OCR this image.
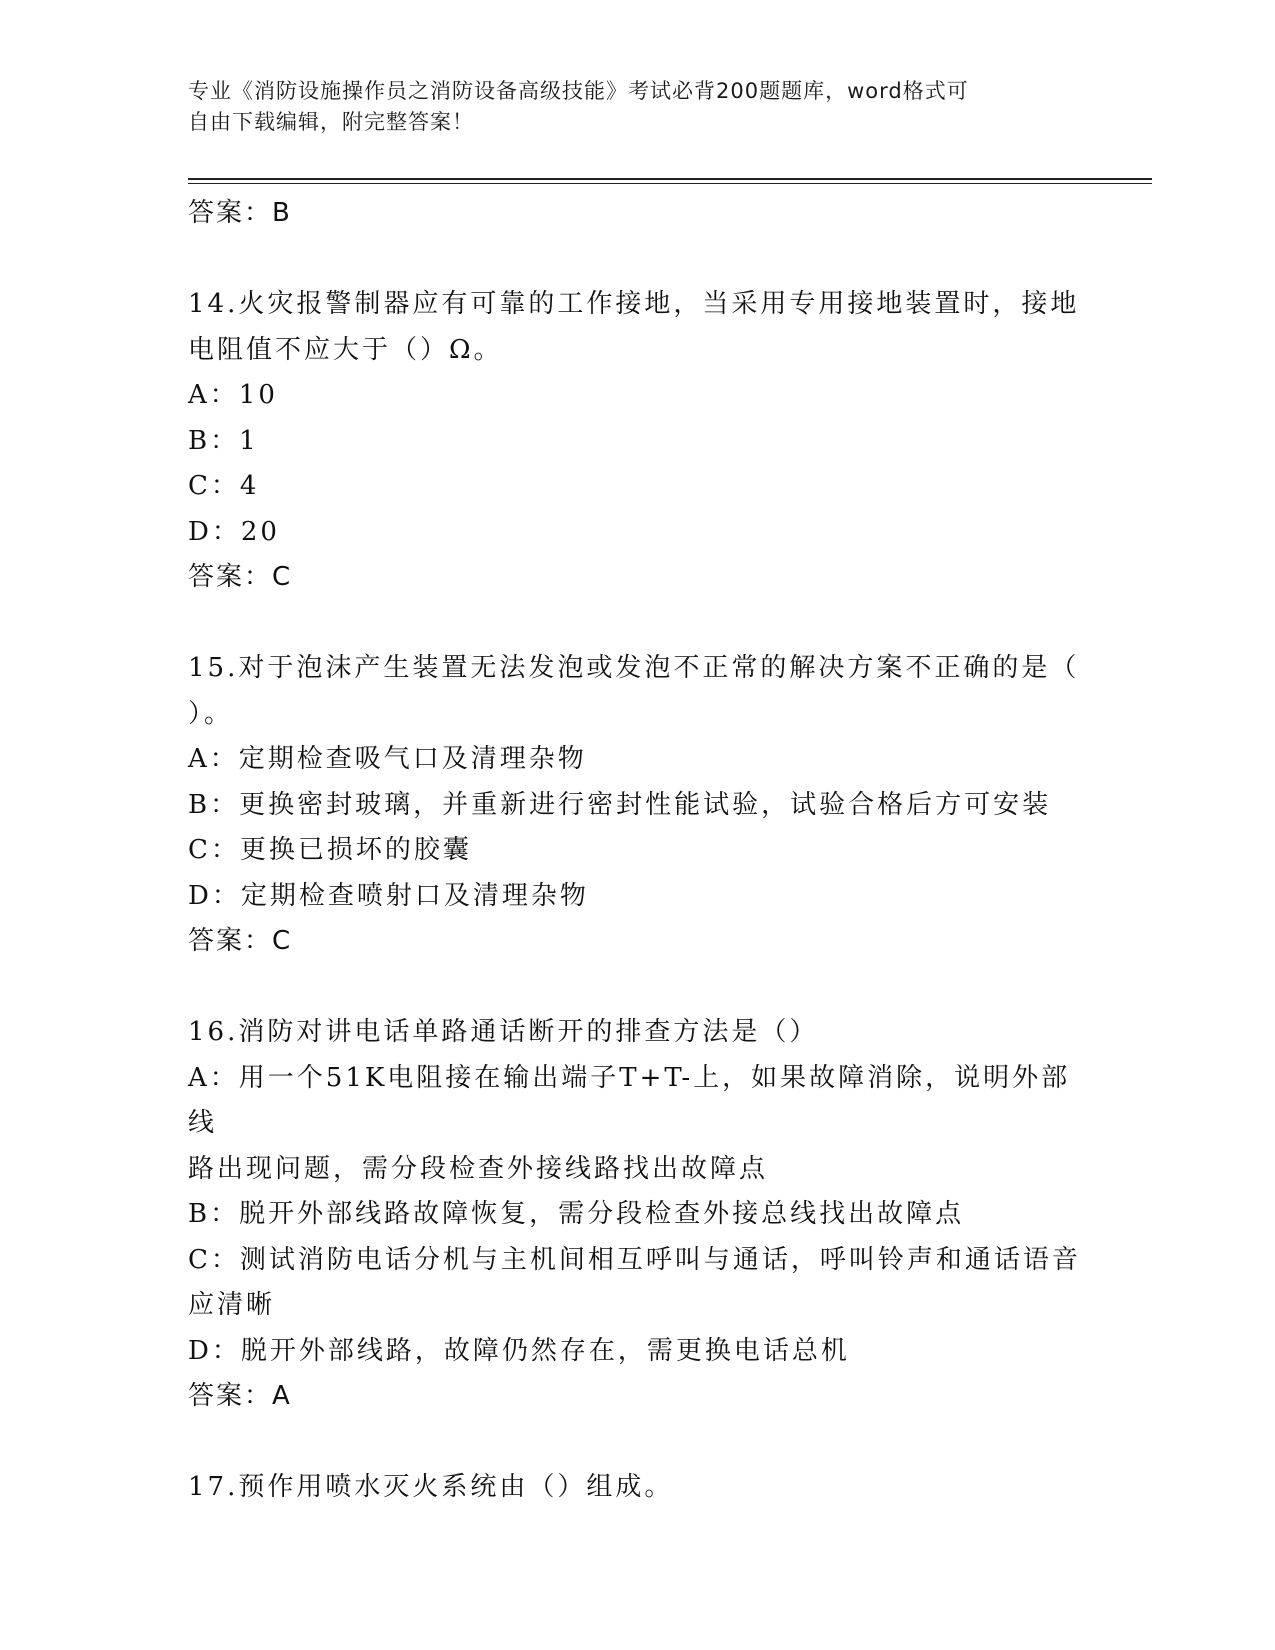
专业《消防设施操作员之消防设备高级技能》考试必背200题题库，word格式可
自由下载编辑，附完整答案！
答案：B
14.火灾报警制器应有可靠的工作接地，当采用专用接地装置时，接地
电阻值不应大于（）Ω。
A：10
B：1
C：4
D：20
答案：C
15.对于泡沫产生装置无法发泡或发泡不正常的解决方案不正确的是（
）。
A：定期检查吸气口及清理杂物
B：更换密封玻璃，并重新进行密封性能试验，试验合格后方可安装
C：更换已损坏的胶囊
D：定期检查喷射口及清理杂物
答案：C
16.消防对讲电话单路通话断开的排查方法是（）
A：用一个51K电阻接在输出端子T+T-上，如果故障消除，说明外部线
路出现问题，需分段检查外接线路找出故障点
B：脱开外部线路故障恢复，需分段检查外接总线找出故障点
C：测试消防电话分机与主机间相互呼叫与通话，呼叫铃声和通话语音
应清晰
D：脱开外部线路，故障仍然存在，需更换电话总机
答案：A
17.预作用喷水灭火系统由（）组成。
